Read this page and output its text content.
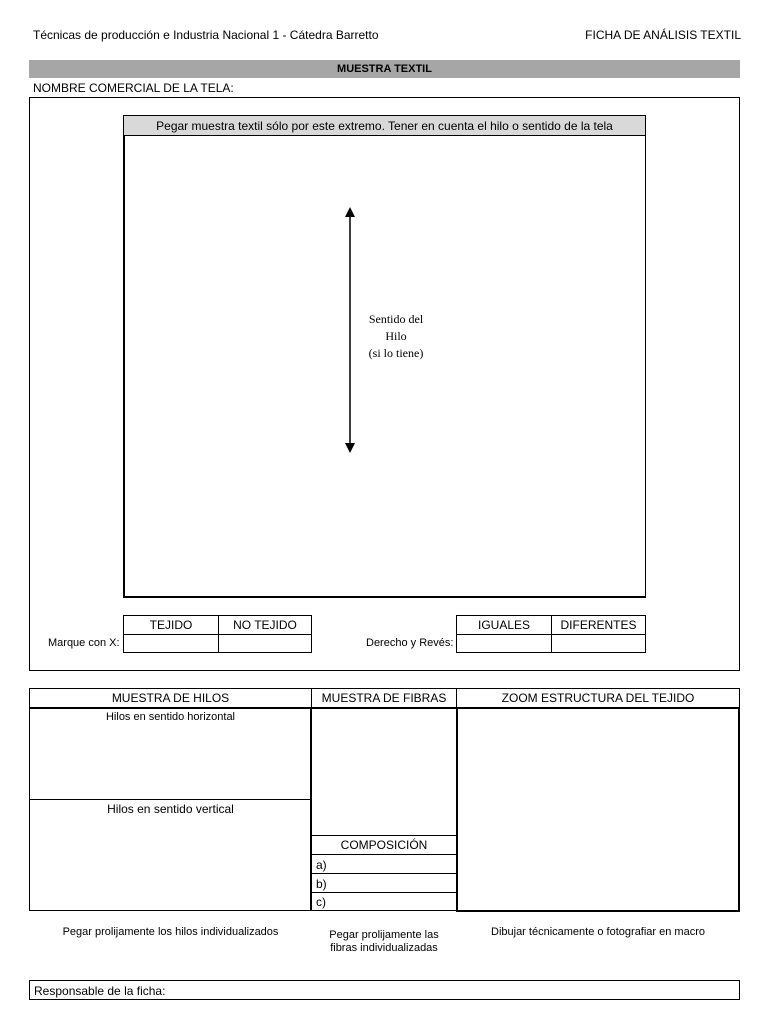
Técnicas de producción e Industria Nacional 1 - Cátedra Barretto	FICHA DE ANÁLISIS TEXTIL
MUESTRA TEXTIL
NOMBRE COMERCIAL DE LA TELA:
Pegar muestra textil sólo por este extremo. Tener en cuenta el hilo o sentido de la tela
Sentido del
Hilo
(si lo tiene)
TEJIDO	NO TEJIDO
Marque con X:
IGUALES	DIFERENTES
Derecho y Revés:
MUESTRA DE HILOS	MUESTRA DE FIBRAS	ZOOM ESTRUCTURA DEL TEJIDO
Hilos en sentido horizontal
Hilos en sentido vertical
COMPOSICIÓN
a)
b)
c)
Pegar prolijamente los hilos individualizados	Pegar prolijamente las
fibras individualizadas
Dibujar técnicamente o fotografiar en macro
Responsable de la ficha:
